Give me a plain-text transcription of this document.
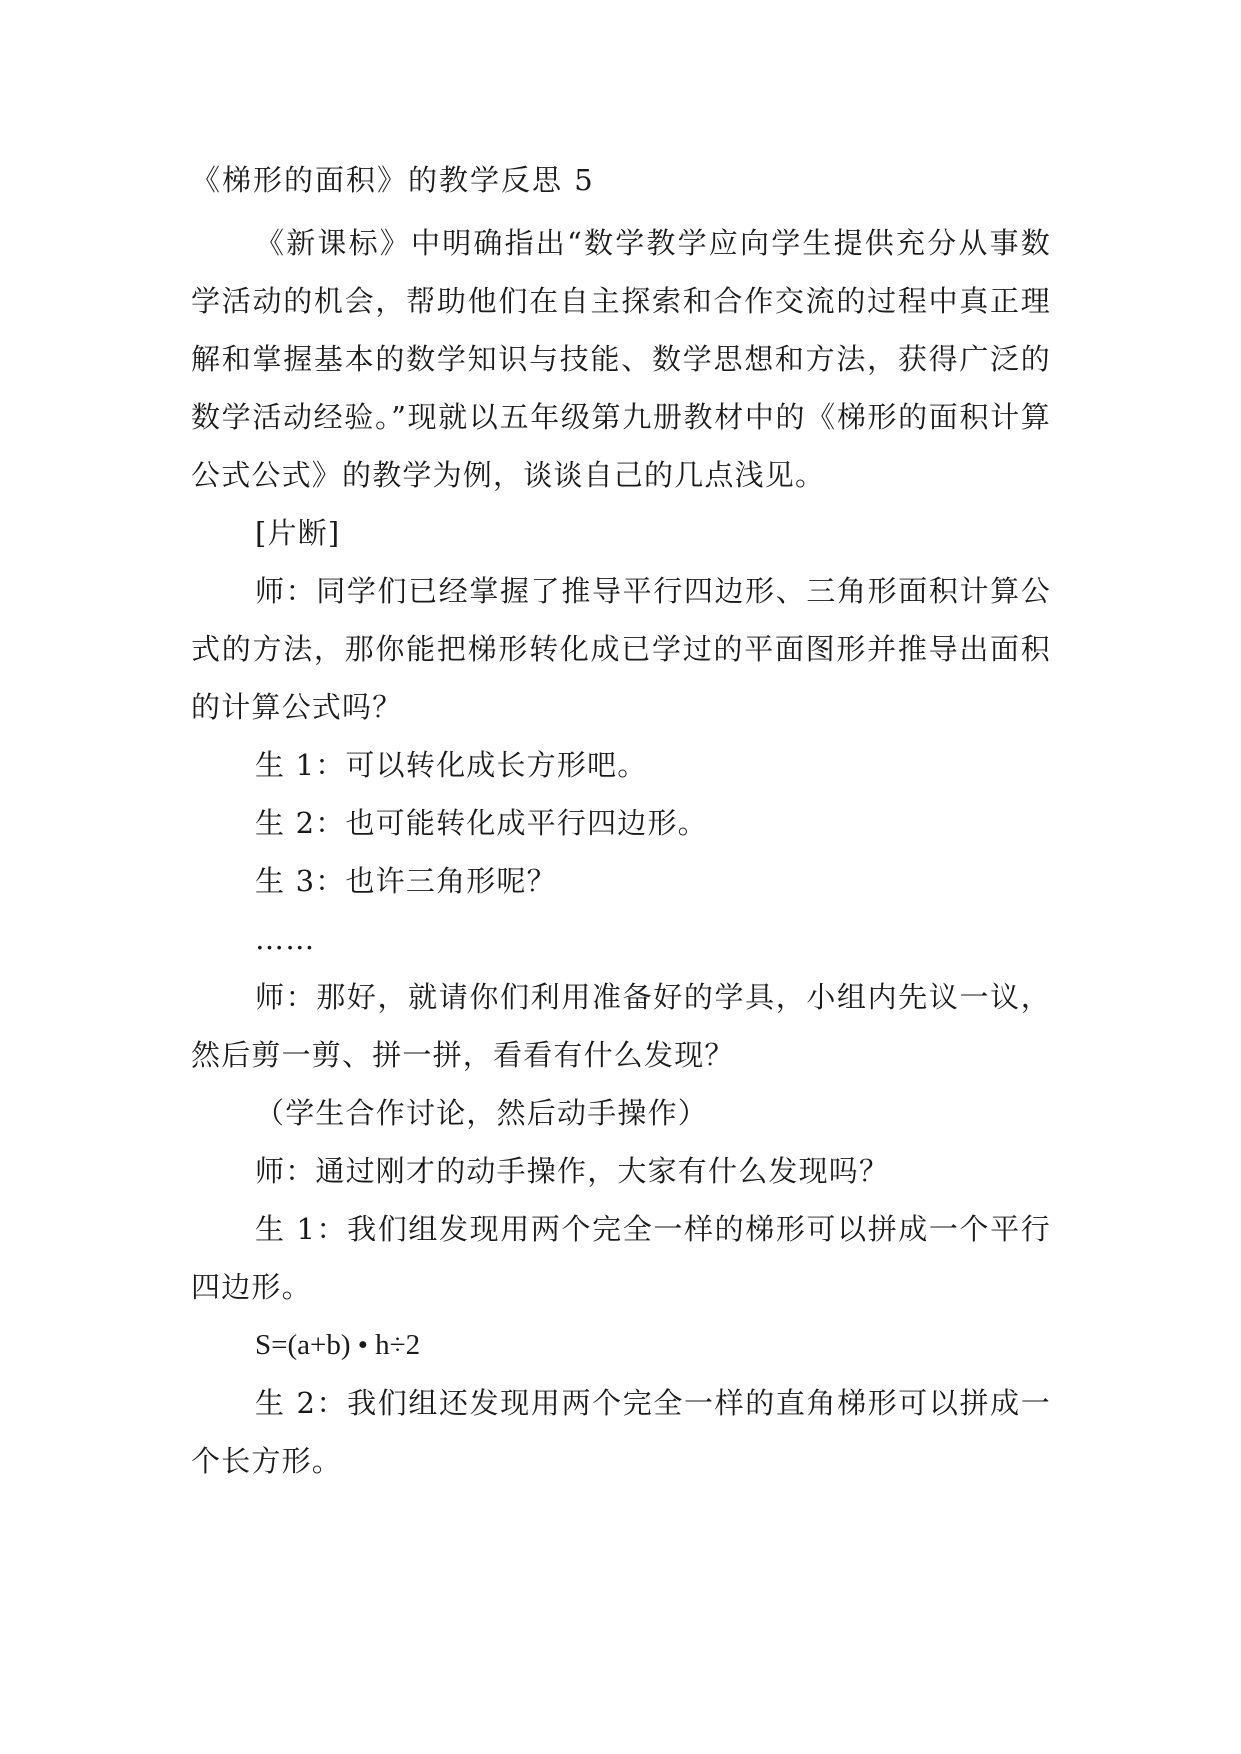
《梯形的面积》的教学反思 5

《新课标》中明确指出“数学教学应向学生提供充分从事数学活动的机会，帮助他们在自主探索和合作交流的过程中真正理解和掌握基本的数学知识与技能、数学思想和方法，获得广泛的数学活动经验。”现就以五年级第九册教材中的《梯形的面积计算公式公式》的教学为例，谈谈自己的几点浅见。

[片断]

师：同学们已经掌握了推导平行四边形、三角形面积计算公式的方法，那你能把梯形转化成已学过的平面图形并推导出面积的计算公式吗？

生 1：可以转化成长方形吧。

生 2：也可能转化成平行四边形。

生 3：也许三角形呢？

……

师：那好，就请你们利用准备好的学具，小组内先议一议，然后剪一剪、拼一拼，看看有什么发现？

（学生合作讨论，然后动手操作）

师：通过刚才的动手操作，大家有什么发现吗？

生 1：我们组发现用两个完全一样的梯形可以拼成一个平行四边形。

S=(a+b) • h÷2

生 2：我们组还发现用两个完全一样的直角梯形可以拼成一个长方形。
